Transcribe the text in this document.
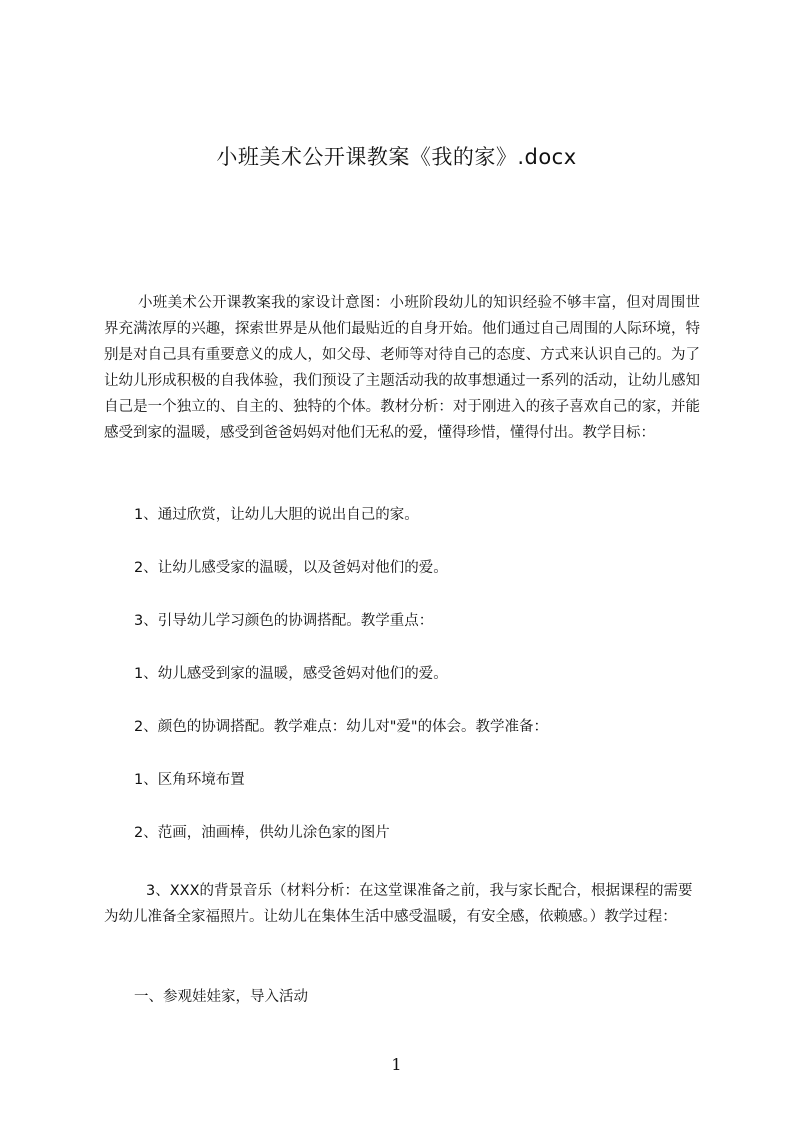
小班美术公开课教案《我的家》.docx

小班美术公开课教案我的家设计意图：小班阶段幼儿的知识经验不够丰富，但对周围世界充满浓厚的兴趣，探索世界是从他们最贴近的自身开始。他们通过自己周围的人际环境，特别是对自己具有重要意义的成人，如父母、老师等对待自己的态度、方式来认识自己的。为了让幼儿形成积极的自我体验，我们预设了主题活动我的故事想通过一系列的活动，让幼儿感知自己是一个独立的、自主的、独特的个体。教材分析：对于刚进入的孩子喜欢自己的家，并能感受到家的温暖，感受到爸爸妈妈对他们无私的爱，懂得珍惜，懂得付出。教学目标：

1、通过欣赏，让幼儿大胆的说出自己的家。

2、让幼儿感受家的温暖，以及爸妈对他们的爱。

3、引导幼儿学习颜色的协调搭配。教学重点：

1、幼儿感受到家的温暖，感受爸妈对他们的爱。

2、颜色的协调搭配。教学难点：幼儿对"爱"的体会。教学准备：

1、区角环境布置

2、范画，油画棒，供幼儿涂色家的图片

3、XXX的背景音乐（材料分析：在这堂课准备之前，我与家长配合，根据课程的需要为幼儿准备全家福照片。让幼儿在集体生活中感受温暖，有安全感，依赖感。）教学过程：

一、参观娃娃家，导入活动

1
